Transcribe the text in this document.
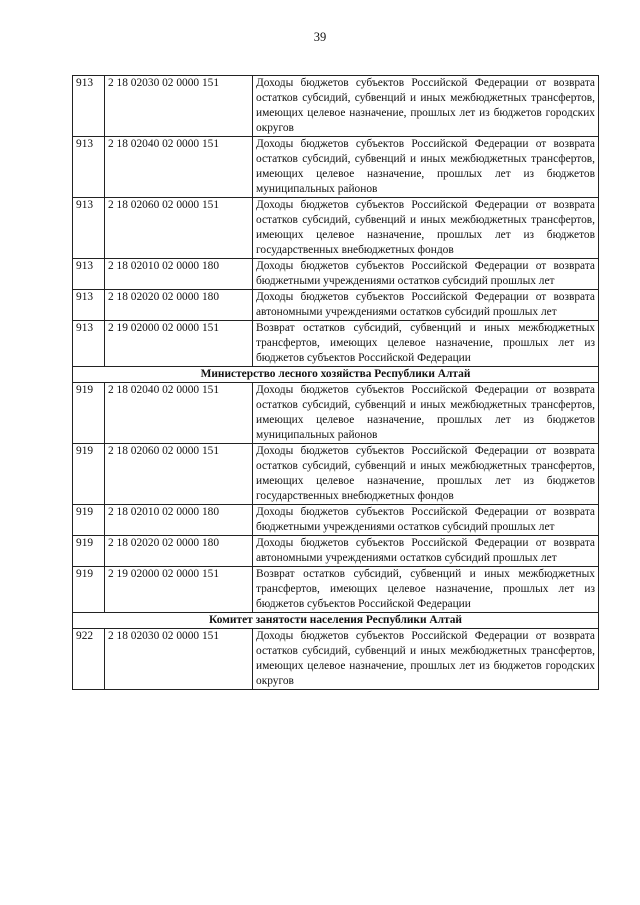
39
913	2 18 02030 02 0000 151	Доходы бюджетов субъектов Российской Федерации от возврата остатков субсидий, субвенций и иных межбюджетных трансфертов, имеющих целевое назначение, прошлых лет из бюджетов городских округов
913	2 18 02040 02 0000 151	Доходы бюджетов субъектов Российской Федерации от возврата остатков субсидий, субвенций и иных межбюджетных трансфертов, имеющих целевое назначение, прошлых лет из бюджетов муниципальных районов
913	2 18 02060 02 0000 151	Доходы бюджетов субъектов Российской Федерации от возврата остатков субсидий, субвенций и иных межбюджетных трансфертов, имеющих целевое назначение, прошлых лет из бюджетов государственных внебюджетных фондов
913	2 18 02010 02 0000 180	Доходы бюджетов субъектов Российской Федерации от возврата бюджетными учреждениями остатков субсидий прошлых лет
913	2 18 02020 02 0000 180	Доходы бюджетов субъектов Российской Федерации от возврата автономными учреждениями остатков субсидий прошлых лет
913	2 19 02000 02 0000 151	Возврат остатков субсидий, субвенций и иных межбюджетных трансфертов, имеющих целевое назначение, прошлых лет из бюджетов субъектов Российской Федерации
Министерство лесного хозяйства Республики Алтай		
919	2 18 02040 02 0000 151	Доходы бюджетов субъектов Российской Федерации от возврата остатков субсидий, субвенций и иных межбюджетных трансфертов, имеющих целевое назначение, прошлых лет из бюджетов муниципальных районов
919	2 18 02060 02 0000 151	Доходы бюджетов субъектов Российской Федерации от возврата остатков субсидий, субвенций и иных межбюджетных трансфертов, имеющих целевое назначение, прошлых лет из бюджетов государственных внебюджетных фондов
919	2 18 02010 02 0000 180	Доходы бюджетов субъектов Российской Федерации от возврата бюджетными учреждениями остатков субсидий прошлых лет
919	2 18 02020 02 0000 180	Доходы бюджетов субъектов Российской Федерации от возврата автономными учреждениями остатков субсидий прошлых лет
919	2 19 02000 02 0000 151	Возврат остатков субсидий, субвенций и иных межбюджетных трансфертов, имеющих целевое назначение, прошлых лет из бюджетов субъектов Российской Федерации
Комитет занятости населения Республики Алтай		
922	2 18 02030 02 0000 151	Доходы бюджетов субъектов Российской Федерации от возврата остатков субсидий, субвенций и иных межбюджетных трансфертов, имеющих целевое назначение, прошлых лет из бюджетов городских округов
